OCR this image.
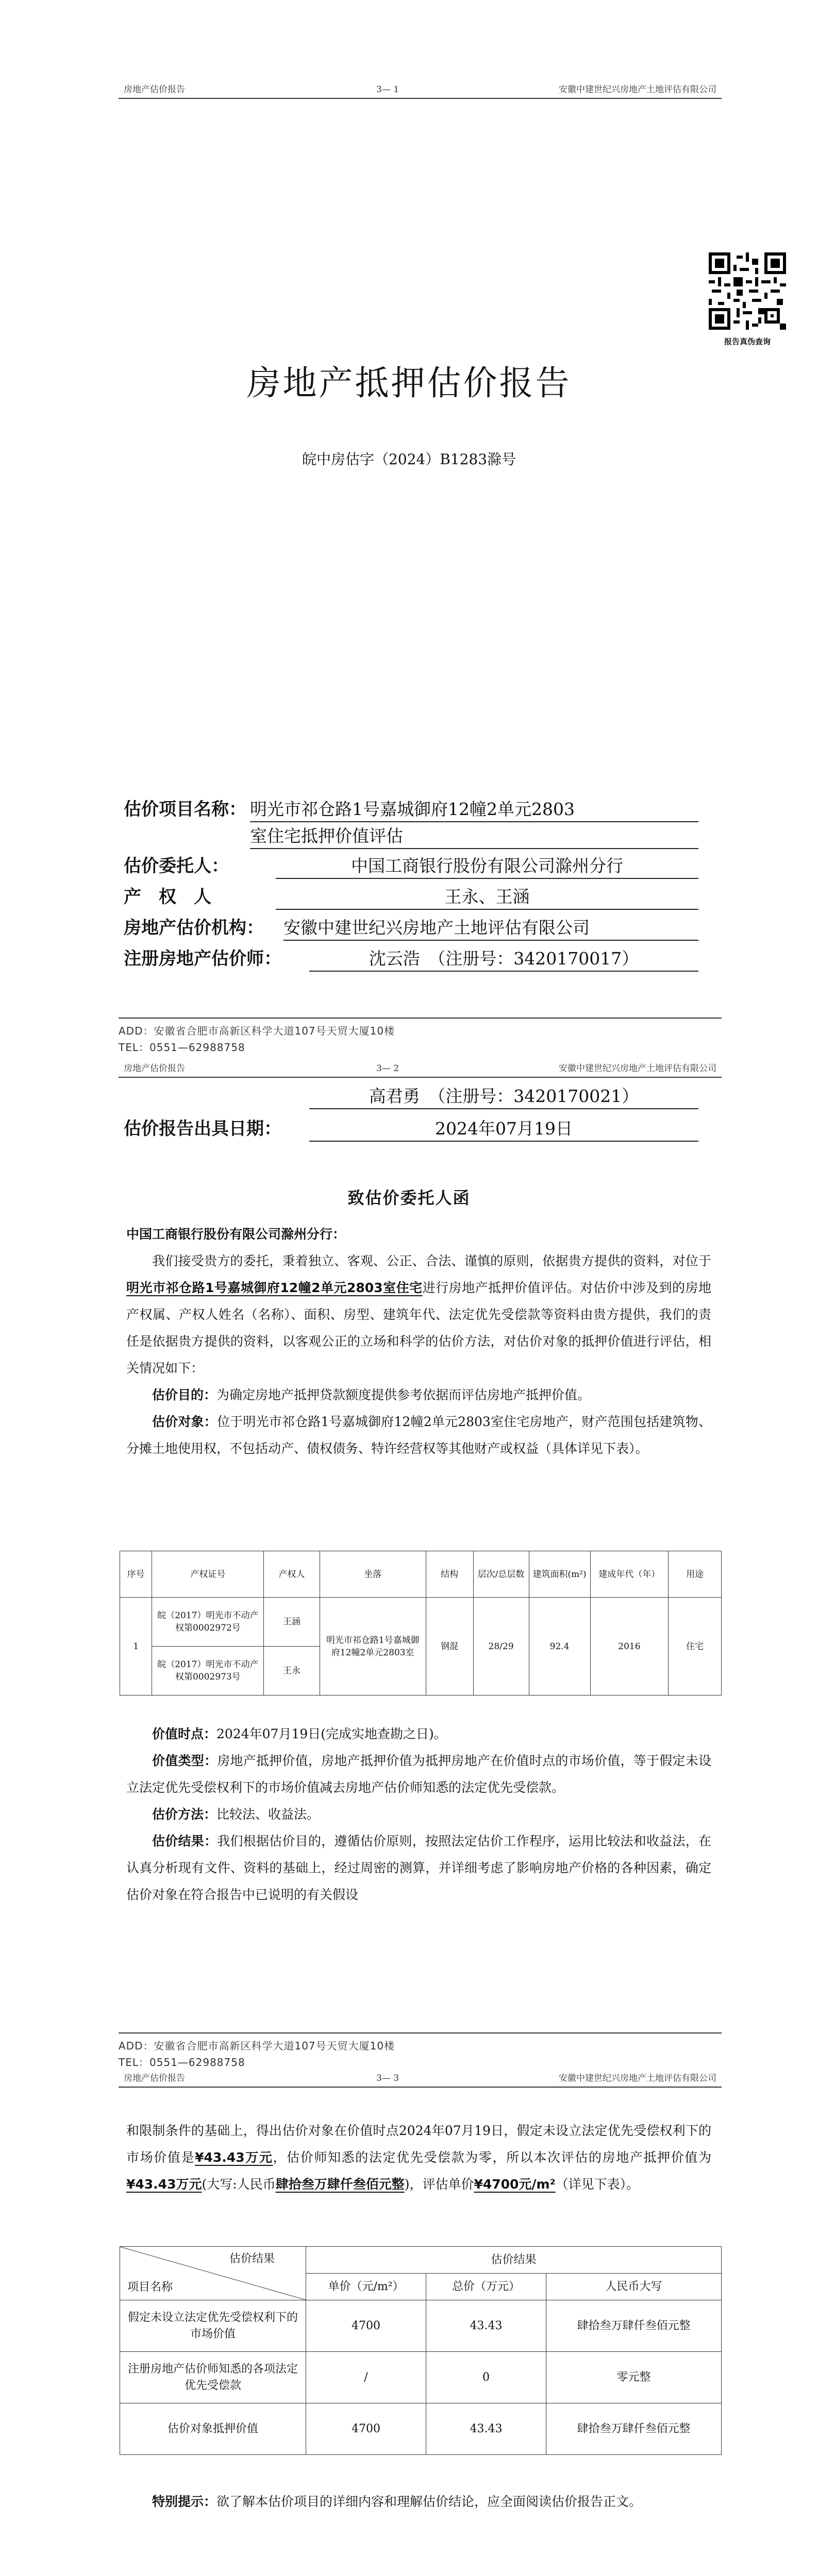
房地产估价报告	3— 1	安徽中建世纪兴房地产土地评估有限公司
报告真伪查询
房地产抵押估价报告
皖中房估字（2024）B1283滁号
估价项目名称： 明光市祁仓路1号嘉城御府12幢2单元2803
室住宅抵押价值评估
估价委托人：	中国工商银行股份有限公司滁州分行
产　权　人	王永、王涵
房地产估价机构： 安徽中建世纪兴房地产土地评估有限公司
注册房地产估价师：	沈云浩　（注册号：3420170017）
ADD：安徽省合肥市高新区科学大道107号天贸大厦10楼
TEL：0551—62988758
房地产估价报告	3— 2	安徽中建世纪兴房地产土地评估有限公司
高君勇　（注册号：3420170021）
估价报告出具日期：	2024年07月19日
致估价委托人函
中国工商银行股份有限公司滁州分行：
我们接受贵方的委托，秉着独立、客观、公正、合法、谨慎的原则，依据贵方提供的资料，对位于明光市祁仓路1号嘉城御府12幢2单元2803室住宅进行房地产抵押价值评估。对估价中涉及到的房地产权属、产权人姓名（名称）、面积、房型、建筑年代、法定优先受偿款等资料由贵方提供，我们的责任是依据贵方提供的资料，以客观公正的立场和科学的估价方法，对估价对象的抵押价值进行评估，相关情况如下：
估价目的：为确定房地产抵押贷款额度提供参考依据而评估房地产抵押价值。
估价对象：位于明光市祁仓路1号嘉城御府12幢2单元2803室住宅房地产，财产范围包括建筑物、分摊土地使用权，不包括动产、债权债务、特许经营权等其他财产或权益（具体详见下表）。
序号	产权证号	产权人	坐落	结构	层次/总层数	建筑面积(m²)	建成年代（年）	用途
1	皖（2017）明光市不动产权第0002972号	王涵	明光市祁仓路1号嘉城御府12幢2单元2803室	钢混	28/29	92.4	2016	住宅
	皖（2017）明光市不动产权第0002973号	王永						
价值时点：2024年07月19日(完成实地查勘之日)。
价值类型：房地产抵押价值，房地产抵押价值为抵押房地产在价值时点的市场价值，等于假定未设立法定优先受偿权利下的市场价值减去房地产估价师知悉的法定优先受偿款。
估价方法：比较法、收益法。
估价结果：我们根据估价目的，遵循估价原则，按照法定估价工作程序，运用比较法和收益法，在认真分析现有文件、资料的基础上，经过周密的测算，并详细考虑了影响房地产价格的各种因素，确定估价对象在符合报告中已说明的有关假设
ADD：安徽省合肥市高新区科学大道107号天贸大厦10楼
TEL：0551—62988758
房地产估价报告	3— 3	安徽中建世纪兴房地产土地评估有限公司
和限制条件的基础上，得出估价对象在价值时点2024年07月19日，假定未设立法定优先受偿权利下的市场价值是¥43.43万元，估价师知悉的法定优先受偿款为零，所以本次评估的房地产抵押价值为¥43.43万元(大写:人民币肆拾叁万肆仟叁佰元整)，评估单价¥4700元/m²（详见下表）。
估价结果
项目名称	估价结果		
	单价（元/m²）	总价（万元）	人民币大写
假定未设立法定优先受偿权利下的市场价值	4700	43.43	肆拾叁万肆仟叁佰元整
注册房地产估价师知悉的各项法定优先受偿款	/	0	零元整
估价对象抵押价值	4700	43.43	肆拾叁万肆仟叁佰元整
特别提示：欲了解本估价项目的详细内容和理解估价结论，应全面阅读估价报告正文。
